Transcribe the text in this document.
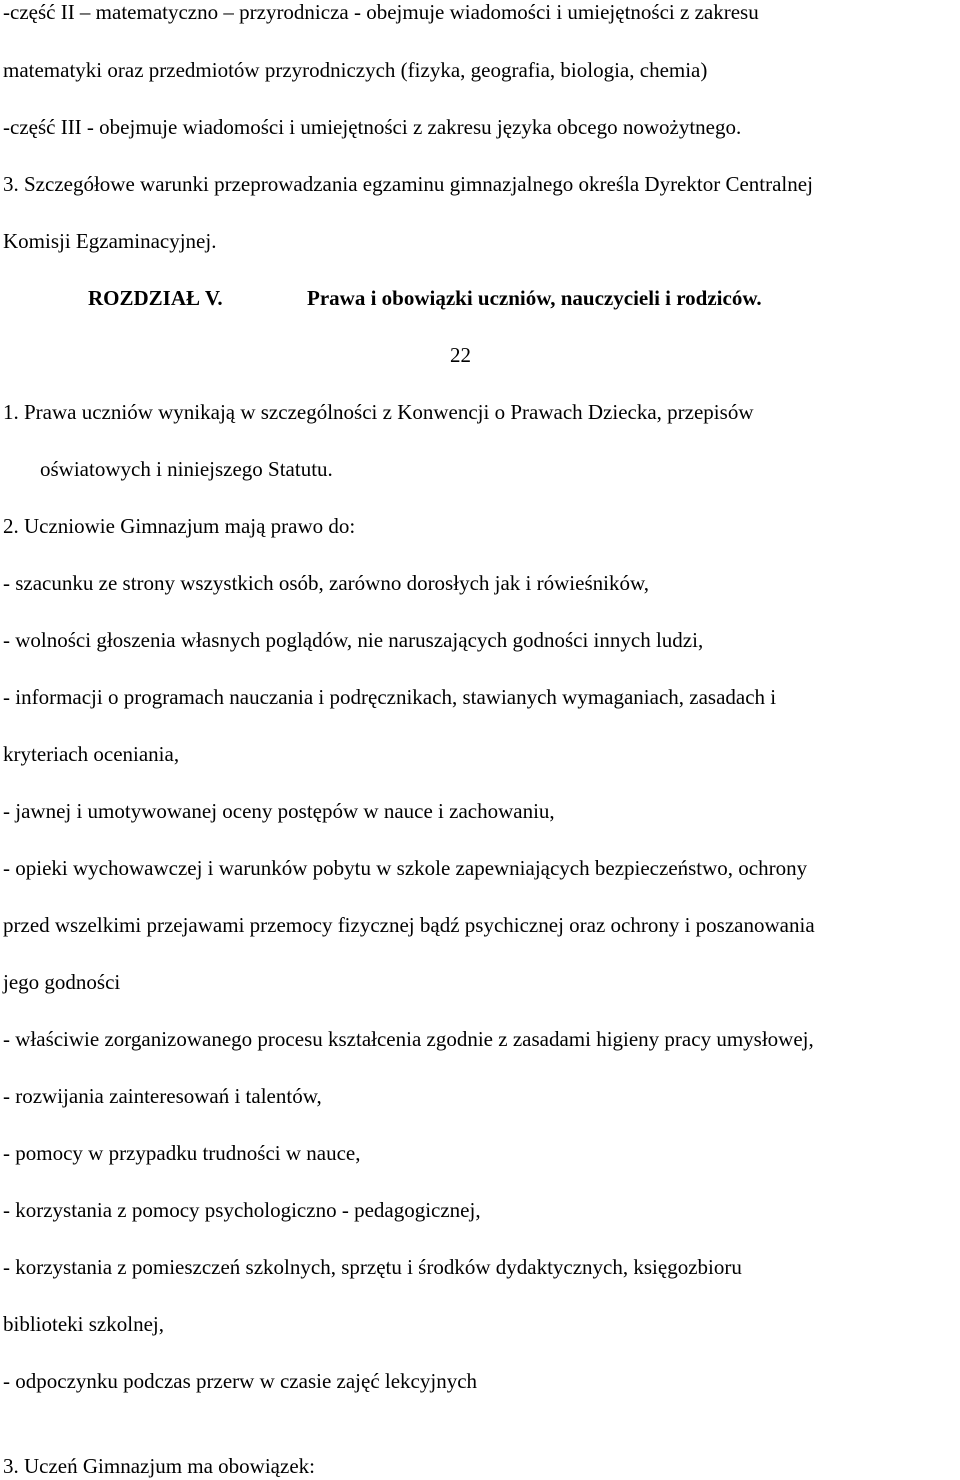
-część II – matematyczno – przyrodnicza - obejmuje wiadomości i umiejętności z zakresu

matematyki oraz przedmiotów przyrodniczych (fizyka, geografia, biologia, chemia)

-część III - obejmuje wiadomości i umiejętności z zakresu języka obcego nowożytnego.

3. Szczegółowe warunki przeprowadzania egzaminu gimnazjalnego określa Dyrektor Centralnej

Komisji Egzaminacyjnej.

ROZDZIAŁ V.	Prawa i obowiązki uczniów, nauczycieli i rodziców.

22

1. Prawa uczniów wynikają w szczególności z Konwencji o Prawach Dziecka, przepisów

oświatowych i niniejszego Statutu.

2. Uczniowie Gimnazjum mają prawo do:

- szacunku ze strony wszystkich osób, zarówno dorosłych jak i rówieśników,

- wolności głoszenia własnych poglądów, nie naruszających godności innych ludzi,

- informacji o programach nauczania i podręcznikach, stawianych wymaganiach, zasadach i

kryteriach oceniania,

- jawnej i umotywowanej oceny postępów w nauce i zachowaniu,

- opieki wychowawczej i warunków pobytu w szkole zapewniających bezpieczeństwo, ochrony

przed wszelkimi przejawami przemocy fizycznej bądź psychicznej oraz ochrony i poszanowania

jego godności

- właściwie zorganizowanego procesu kształcenia zgodnie z zasadami higieny pracy umysłowej,

- rozwijania zainteresowań i talentów,

- pomocy w przypadku trudności w nauce,

- korzystania z pomocy psychologiczno - pedagogicznej,

- korzystania z pomieszczeń szkolnych, sprzętu i środków dydaktycznych, księgozbioru

biblioteki szkolnej,

- odpoczynku podczas przerw w czasie zajęć lekcyjnych

3. Uczeń Gimnazjum ma obowiązek:
